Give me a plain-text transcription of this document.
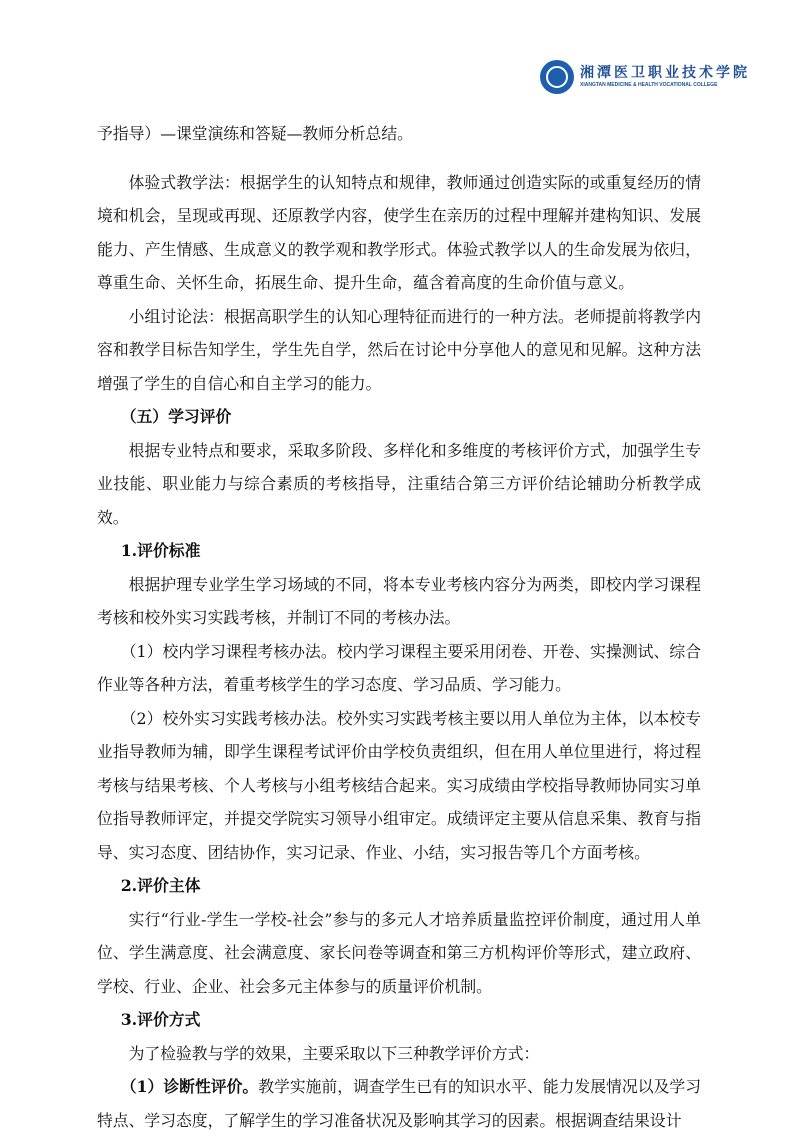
湘潭医卫职业技术学院
XIANGTAN MEDICINE & HEALTH VOCATIONAL COLLEGE

予指导）—课堂演练和答疑—教师分析总结。

体验式教学法：根据学生的认知特点和规律，教师通过创造实际的或重复经历的情境和机会，呈现或再现、还原教学内容，使学生在亲历的过程中理解并建构知识、发展能力、产生情感、生成意义的教学观和教学形式。体验式教学以人的生命发展为依归，尊重生命、关怀生命，拓展生命、提升生命，蕴含着高度的生命价值与意义。

小组讨论法：根据高职学生的认知心理特征而进行的一种方法。老师提前将教学内容和教学目标告知学生，学生先自学，然后在讨论中分享他人的意见和见解。这种方法增强了学生的自信心和自主学习的能力。

（五）学习评价

根据专业特点和要求，采取多阶段、多样化和多维度的考核评价方式，加强学生专业技能、职业能力与综合素质的考核指导，注重结合第三方评价结论辅助分析教学成效。

1.评价标准

根据护理专业学生学习场域的不同，将本专业考核内容分为两类，即校内学习课程考核和校外实习实践考核，并制订不同的考核办法。

（1）校内学习课程考核办法。校内学习课程主要采用闭卷、开卷、实操测试、综合作业等各种方法，着重考核学生的学习态度、学习品质、学习能力。

（2）校外实习实践考核办法。校外实习实践考核主要以用人单位为主体，以本校专业指导教师为辅，即学生课程考试评价由学校负责组织，但在用人单位里进行，将过程考核与结果考核、个人考核与小组考核结合起来。实习成绩由学校指导教师协同实习单位指导教师评定，并提交学院实习领导小组审定。成绩评定主要从信息采集、教育与指导、实习态度、团结协作，实习记录、作业、小结，实习报告等几个方面考核。

2.评价主体

实行“行业-学生一学校-社会”参与的多元人才培养质量监控评价制度，通过用人单位、学生满意度、社会满意度、家长问卷等调查和第三方机构评价等形式，建立政府、学校、行业、企业、社会多元主体参与的质量评价机制。

3.评价方式

为了检验教与学的效果，主要采取以下三种教学评价方式：

（1）诊断性评价。教学实施前，调查学生已有的知识水平、能力发展情况以及学习特点、学习态度，了解学生的学习准备状况及影响其学习的因素。根据调查结果设计
